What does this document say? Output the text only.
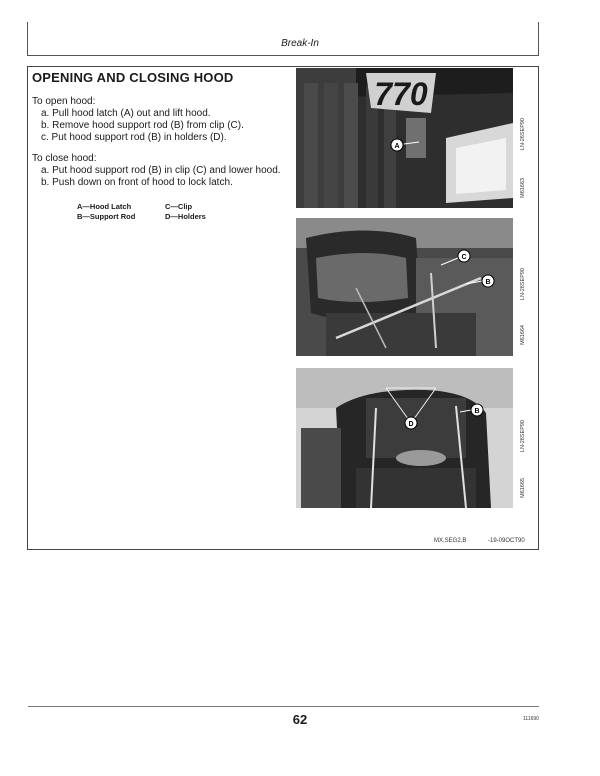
Break-In
OPENING AND CLOSING HOOD
To open hood:
a. Pull hood latch (A) out and lift hood.
b. Remove hood support rod (B) from clip (C).
c. Put hood support rod (B) in holders (D).
To close hood:
a. Put hood support rod (B) in clip (C) and lower hood.
b. Push down on front of hood to lock latch.
A—Hood Latch
B—Support Rod
C—Clip
D—Holders
770
A
C
B
D
B
LN-26SEP90
M61663
LN-26SEP90
M61664
LN-26SEP90
M61665
MX,SEG2,B	-19-09OCT90
62	111690
